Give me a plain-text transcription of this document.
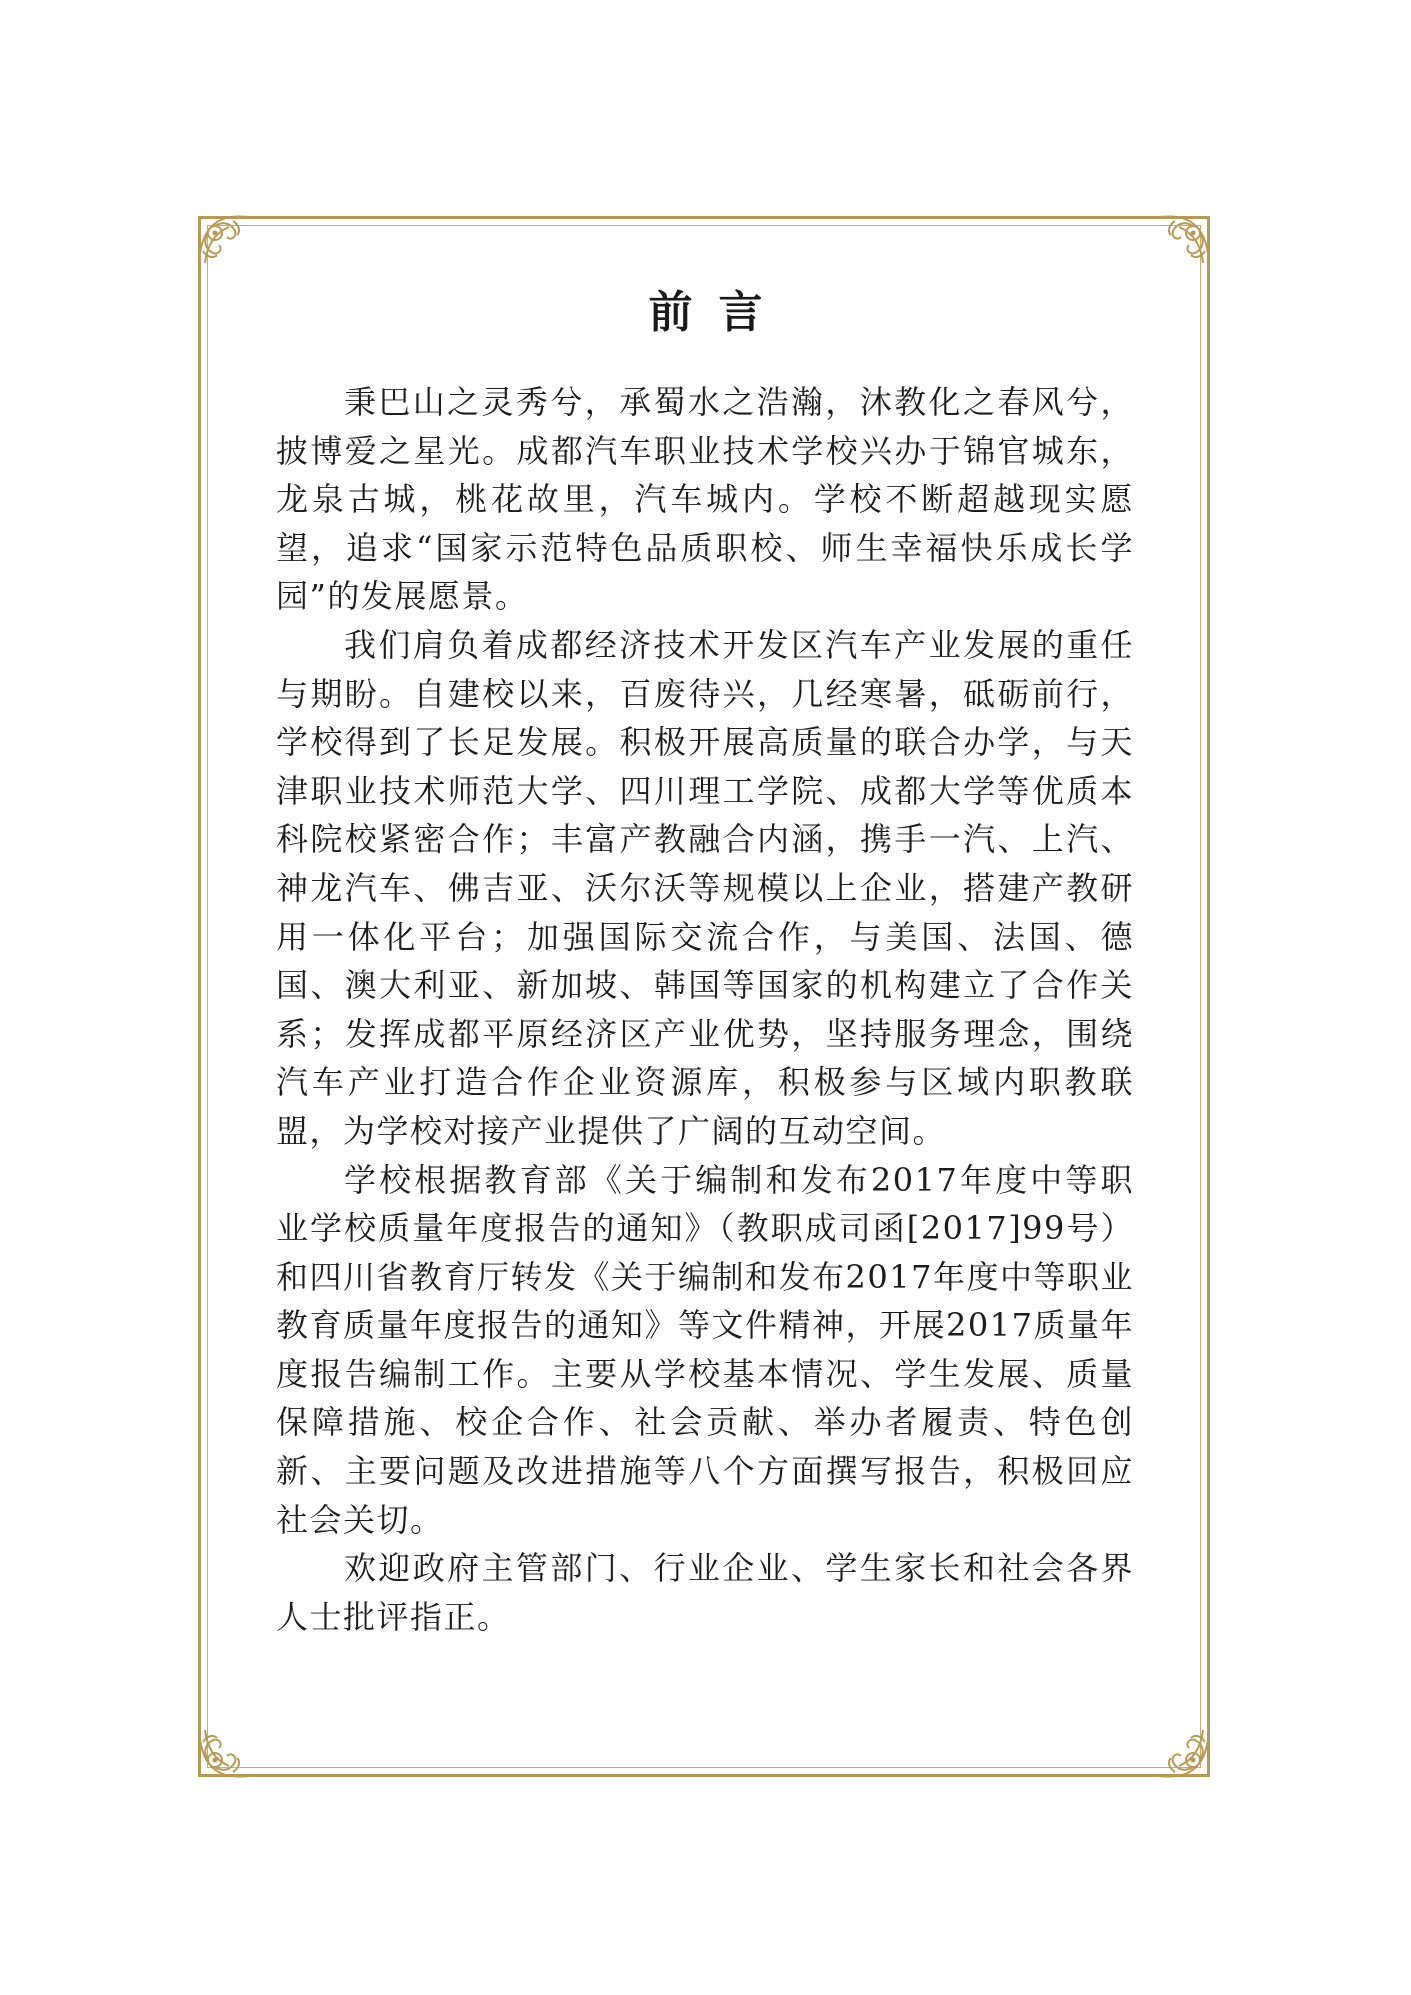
前言

秉巴山之灵秀兮，承蜀水之浩瀚，沐教化之春风兮，披博爱之星光。成都汽车职业技术学校兴办于锦官城东，龙泉古城，桃花故里，汽车城内。学校不断超越现实愿望，追求“国家示范特色品质职校、师生幸福快乐成长学园”的发展愿景。

我们肩负着成都经济技术开发区汽车产业发展的重任与期盼。自建校以来，百废待兴，几经寒暑，砥砺前行，学校得到了长足发展。积极开展高质量的联合办学，与天津职业技术师范大学、四川理工学院、成都大学等优质本科院校紧密合作；丰富产教融合内涵，携手一汽、上汽、神龙汽车、佛吉亚、沃尔沃等规模以上企业，搭建产教研用一体化平台；加强国际交流合作，与美国、法国、德国、澳大利亚、新加坡、韩国等国家的机构建立了合作关系；发挥成都平原经济区产业优势，坚持服务理念，围绕汽车产业打造合作企业资源库，积极参与区域内职教联盟，为学校对接产业提供了广阔的互动空间。

学校根据教育部《关于编制和发布2017年度中等职业学校质量年度报告的通知》（教职成司函[2017]99号）和四川省教育厅转发《关于编制和发布2017年度中等职业教育质量年度报告的通知》等文件精神，开展2017质量年度报告编制工作。主要从学校基本情况、学生发展、质量保障措施、校企合作、社会贡献、举办者履责、特色创新、主要问题及改进措施等八个方面撰写报告，积极回应社会关切。

欢迎政府主管部门、行业企业、学生家长和社会各界人士批评指正。
